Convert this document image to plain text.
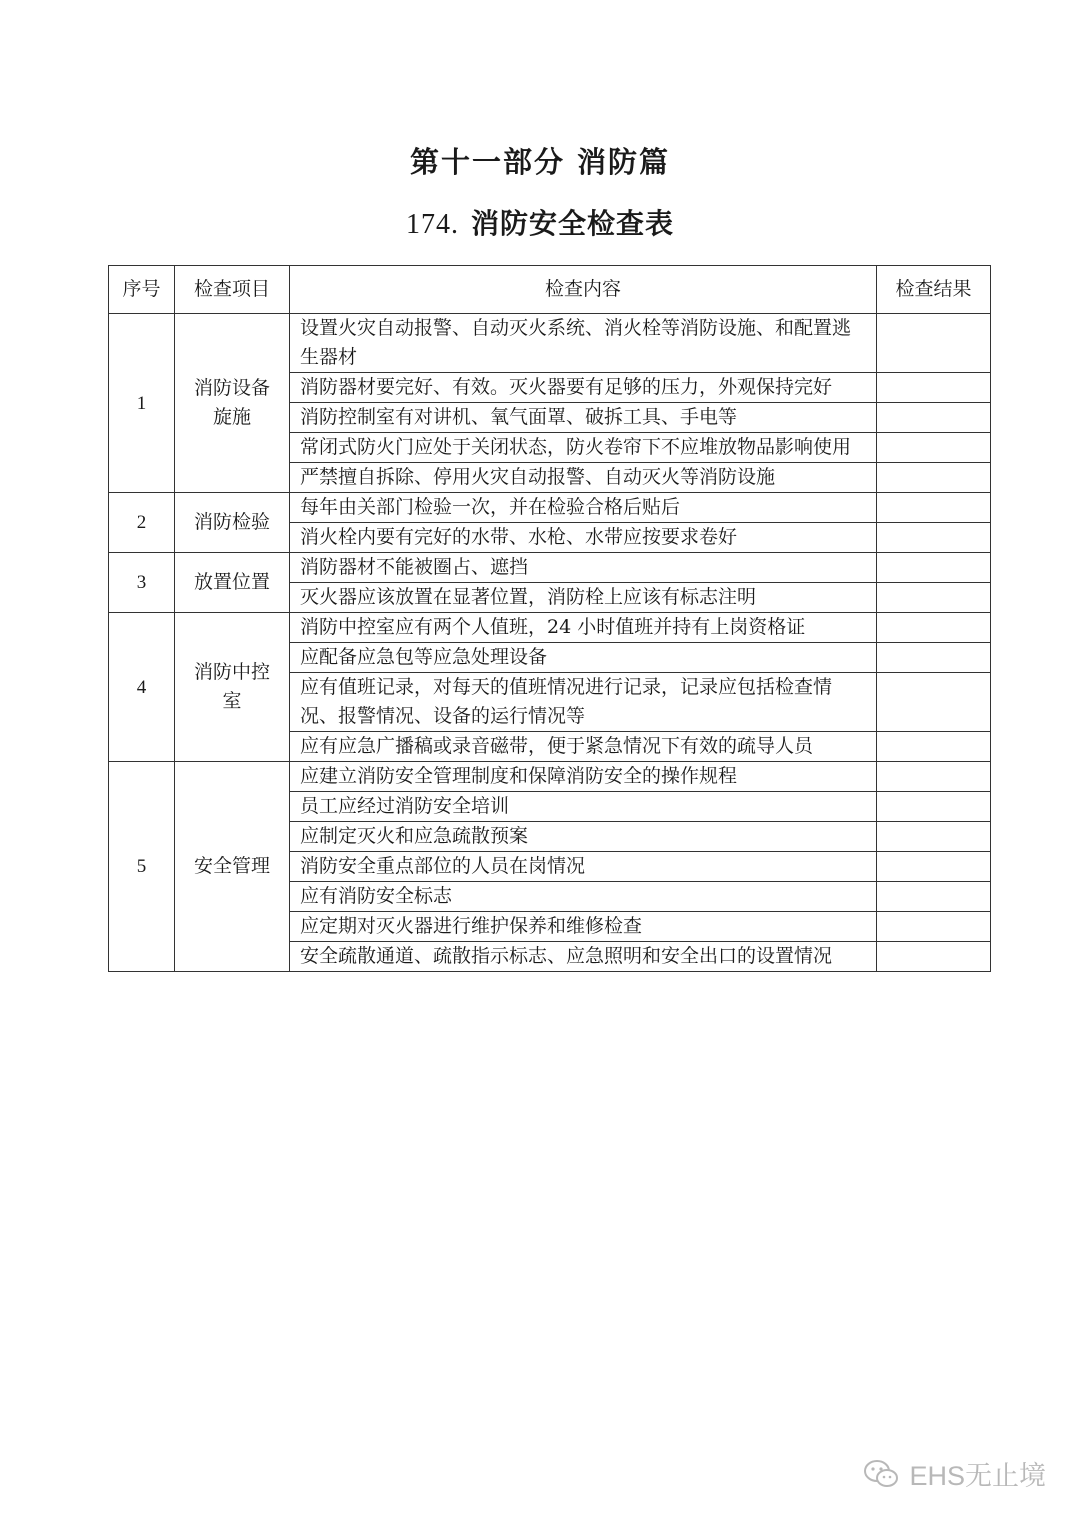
第十一部分 消防篇
174. 消防安全检查表
序号	检查项目	检查内容	检查结果
1	消防设备旋施	设置火灾自动报警、自动灭火系统、消火栓等消防设施、和配置逃生器材	
		消防器材要完好、有效。灭火器要有足够的压力，外观保持完好	
		消防控制室有对讲机、氧气面罩、破拆工具、手电等	
		常闭式防火门应处于关闭状态，防火卷帘下不应堆放物品影响使用	
		严禁擅自拆除、停用火灾自动报警、自动灭火等消防设施	
2	消防检验	每年由关部门检验一次，并在检验合格后贴后	
		消火栓内要有完好的水带、水枪、水带应按要求卷好	
3	放置位置	消防器材不能被圈占、遮挡	
		灭火器应该放置在显著位置，消防栓上应该有标志注明	
4	消防中控室	消防中控室应有两个人值班，24 小时值班并持有上岗资格证	
		应配备应急包等应急处理设备	
		应有值班记录，对每天的值班情况进行记录，记录应包括检查情况、报警情况、设备的运行情况等	
		应有应急广播稿或录音磁带，便于紧急情况下有效的疏导人员	
5	安全管理	应建立消防安全管理制度和保障消防安全的操作规程	
		员工应经过消防安全培训	
		应制定灭火和应急疏散预案	
		消防安全重点部位的人员在岗情况	
		应有消防安全标志	
		应定期对灭火器进行维护保养和维修检查	
		安全疏散通道、疏散指示标志、应急照明和安全出口的设置情况	
EHS无止境
